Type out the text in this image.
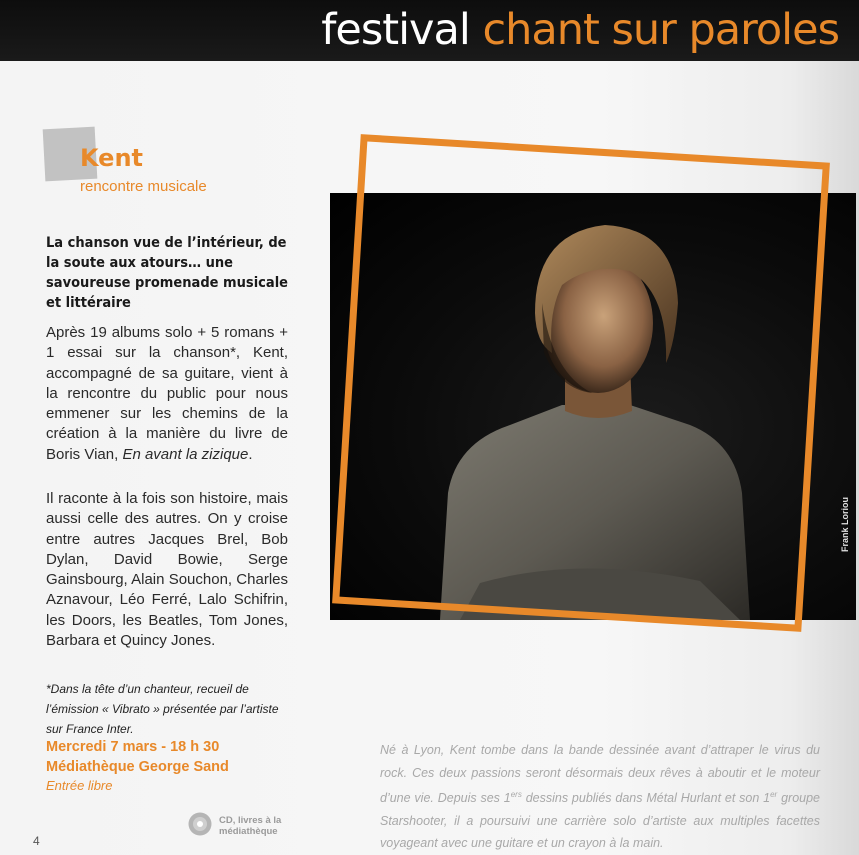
festival chant sur paroles
Kent
rencontre musicale
La chanson vue de l’intérieur, de la soute aux atours… une savoureuse promenade musicale et littéraire
Après 19 albums solo + 5 romans + 1 essai sur la chanson*, Kent, accompagné de sa guitare, vient à la rencontre du public pour nous emmener sur les chemins de la création à la manière du livre de Boris Vian, En avant la zizique.
Il raconte à la fois son histoire, mais aussi celle des autres. On y croise entre autres Jacques Brel, Bob Dylan, David Bowie, Serge Gainsbourg, Alain Souchon, Charles Aznavour, Léo Ferré, Lalo Schifrin, les Doors, les Beatles, Tom Jones, Barbara et Quincy Jones.
*Dans la tête d’un chanteur, recueil de l’émission « Vibrato » présentée par l’artiste sur France Inter.
Mercredi 7 mars - 18 h 30
Médiathèque George Sand
Entrée libre
CD, livres à la médiathèque
4
Frank Loriou
Né à Lyon, Kent tombe dans la bande dessinée avant d’attraper le virus du rock. Ces deux passions seront désormais deux rêves à aboutir et le moteur d’une vie. Depuis ses 1ers dessins publiés dans Métal Hurlant et son 1er groupe Starshooter, il a poursuivi une carrière solo d’artiste aux multiples facettes voyageant avec une guitare et un crayon à la main.
